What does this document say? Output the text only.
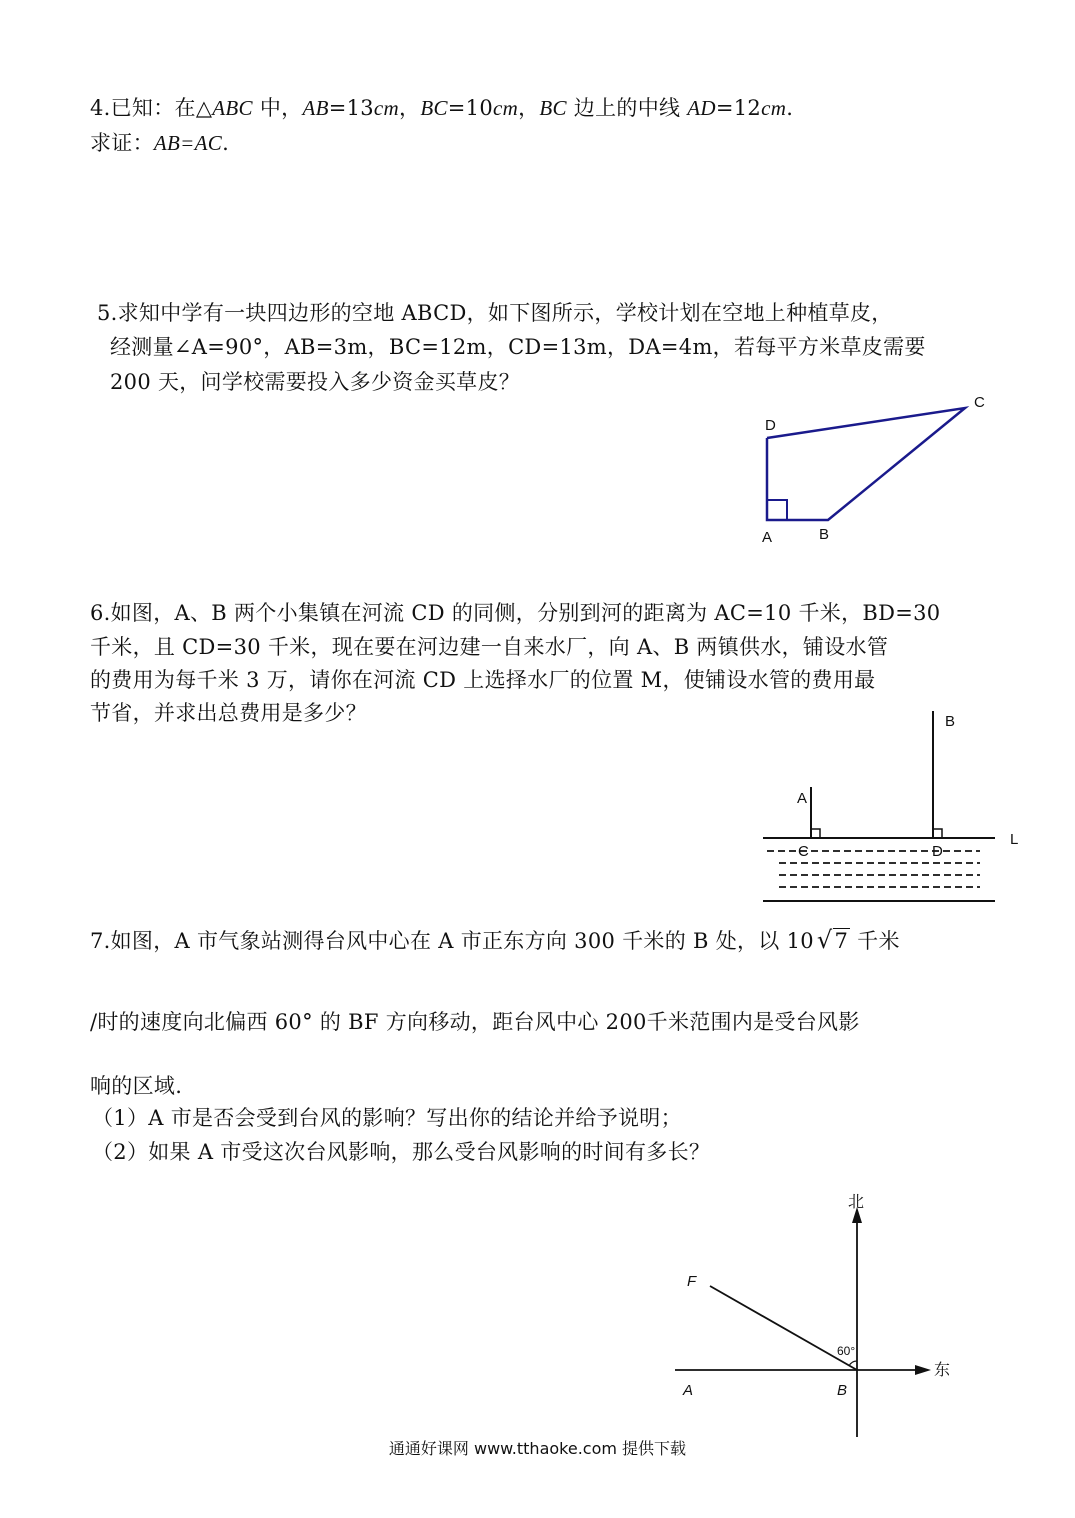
4.已知：在△ABC 中，AB=13cm，BC=10cm，BC 边上的中线 AD=12cm.
求证：AB=AC.
5.求知中学有一块四边形的空地 ABCD，如下图所示，学校计划在空地上种植草皮，
经测量∠A=90°，AB=3m，BC=12m，CD=13m，DA=4m，若每平方米草皮需要
200 天，问学校需要投入多少资金买草皮？
D
C
A	B
6.如图，A、B 两个小集镇在河流 CD 的同侧，分别到河的距离为 AC=10 千米，BD=30
千米，且 CD=30 千米，现在要在河边建一自来水厂，向 A、B 两镇供水，铺设水管
的费用为每千米 3 万，请你在河流 CD 上选择水厂的位置 M，使铺设水管的费用最
节省，并求出总费用是多少？
A
B
C	D
L
7.如图，A 市气象站测得台风中心在 A 市正东方向 300 千米的 B 处，以 10 √7 千米
/时的速度向北偏西 60° 的 BF 方向移动，距台风中心 200千米范围内是受台风影
响的区域.
（1）A 市是否会受到台风的影响？写出你的结论并给予说明；
（2）如果 A 市受这次台风影响，那么受台风影响的时间有多长？
北
东
F
A	B
60°
通通好课网 www.tthaoke.com 提供下载
